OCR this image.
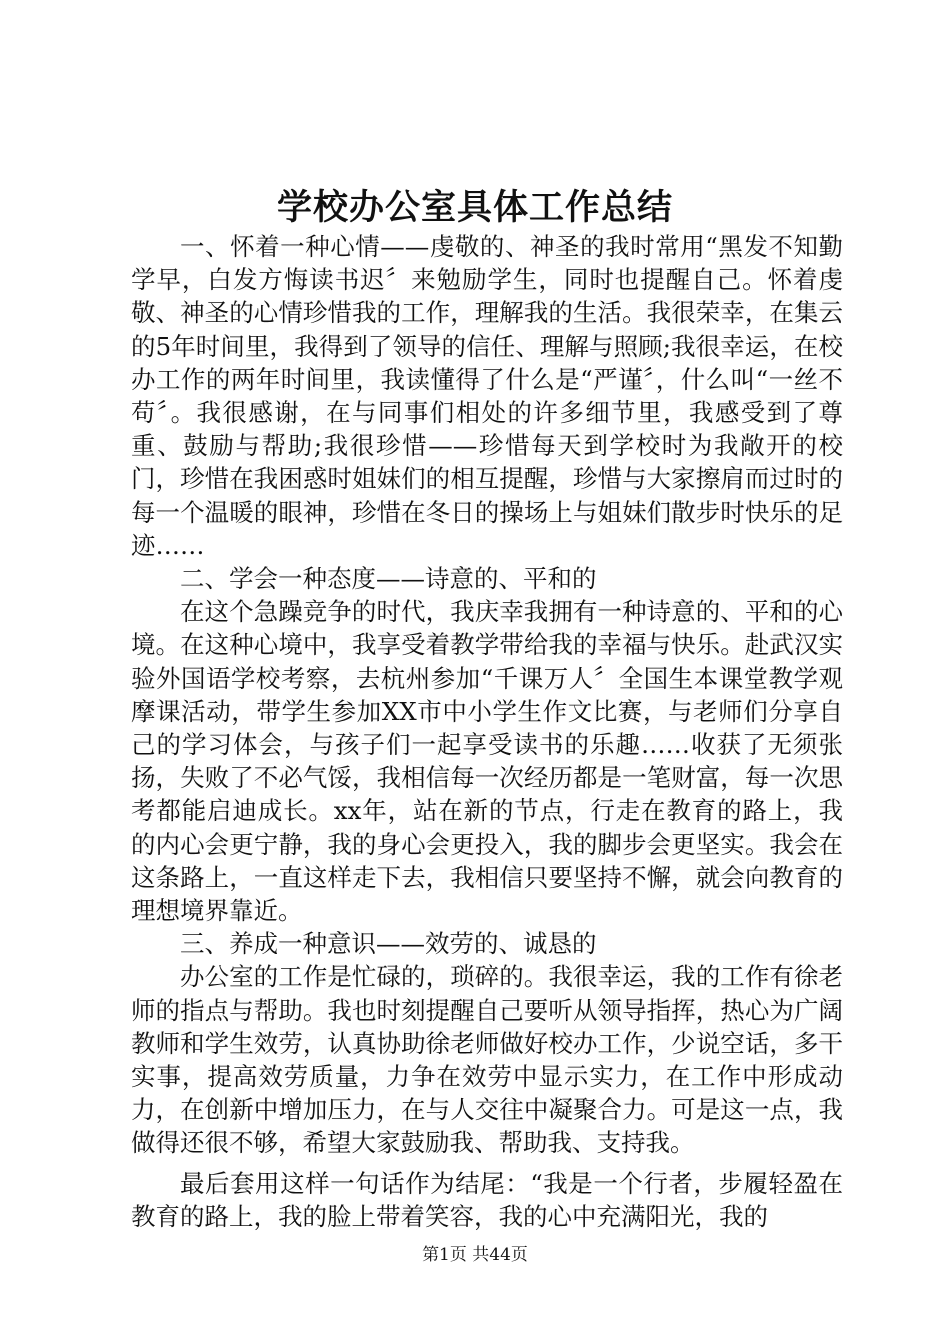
学校办公室具体工作总结

一、怀着一种心情——虔敬的、神圣的我时常用“黑发不知勤学早，白发方悔读书迟〞来勉励学生，同时也提醒自己。怀着虔敬、神圣的心情珍惜我的工作，理解我的生活。我很荣幸，在集云的5年时间里，我得到了领导的信任、理解与照顾;我很幸运，在校办工作的两年时间里，我读懂得了什么是“严谨〞，什么叫“一丝不苟〞。我很感谢，在与同事们相处的许多细节里，我感受到了尊重、鼓励与帮助;我很珍惜——珍惜每天到学校时为我敞开的校门，珍惜在我困惑时姐妹们的相互提醒，珍惜与大家擦肩而过时的每一个温暖的眼神，珍惜在冬日的操场上与姐妹们散步时快乐的足迹……

二、学会一种态度——诗意的、平和的

在这个急躁竞争的时代，我庆幸我拥有一种诗意的、平和的心境。在这种心境中，我享受着教学带给我的幸福与快乐。赴武汉实验外国语学校考察，去杭州参加“千课万人〞全国生本课堂教学观摩课活动，带学生参加XX市中小学生作文比赛，与老师们分享自己的学习体会，与孩子们一起享受读书的乐趣……收获了无须张扬，失败了不必气馁，我相信每一次经历都是一笔财富，每一次思考都能启迪成长。xx年，站在新的节点，行走在教育的路上，我的内心会更宁静，我的身心会更投入，我的脚步会更坚实。我会在这条路上，一直这样走下去，我相信只要坚持不懈，就会向教育的理想境界靠近。

三、养成一种意识——效劳的、诚恳的

办公室的工作是忙碌的，琐碎的。我很幸运，我的工作有徐老师的指点与帮助。我也时刻提醒自己要听从领导指挥，热心为广阔教师和学生效劳，认真协助徐老师做好校办工作，少说空话，多干实事，提高效劳质量，力争在效劳中显示实力，在工作中形成动力，在创新中增加压力，在与人交往中凝聚合力。可是这一点，我做得还很不够，希望大家鼓励我、帮助我、支持我。

最后套用这样一句话作为结尾：“我是一个行者，步履轻盈在教育的路上，我的脸上带着笑容，我的心中充满阳光，我的

第1页 共44页
